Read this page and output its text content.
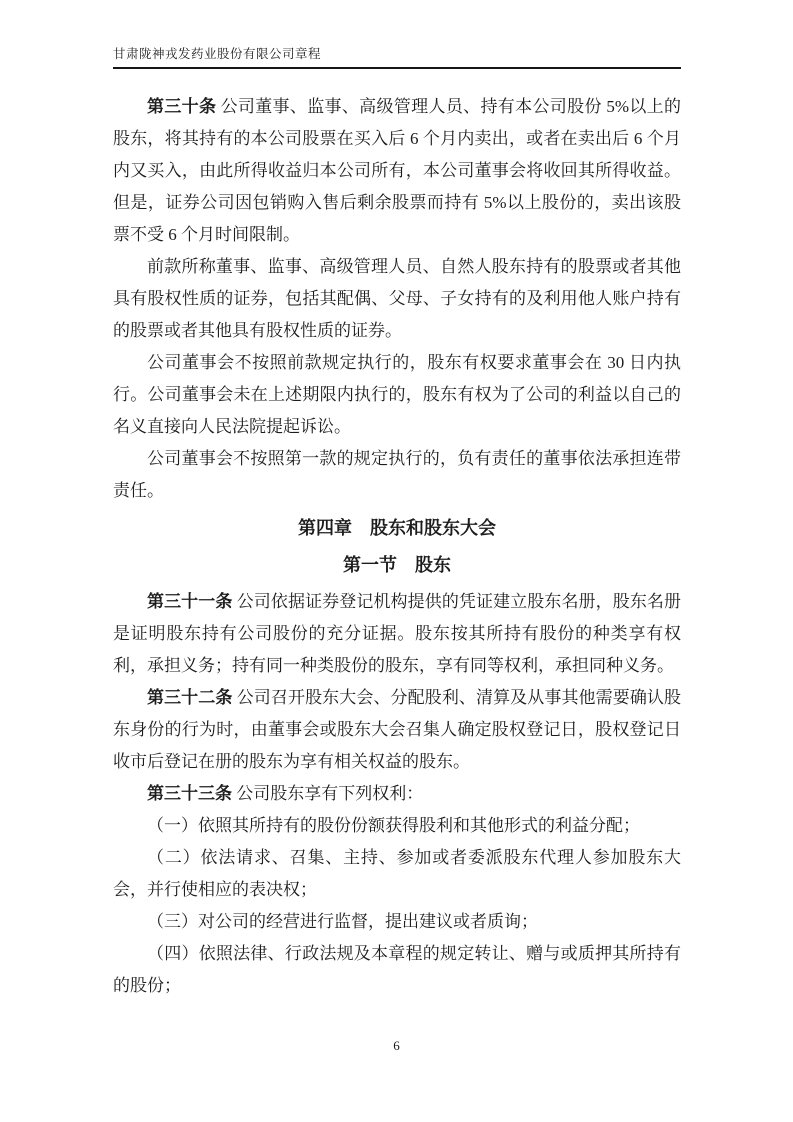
甘肃陇神戎发药业股份有限公司章程

第三十条 公司董事、监事、高级管理人员、持有本公司股份 5%以上的股东，将其持有的本公司股票在买入后 6 个月内卖出，或者在卖出后 6 个月内又买入，由此所得收益归本公司所有，本公司董事会将收回其所得收益。但是，证券公司因包销购入售后剩余股票而持有 5%以上股份的，卖出该股票不受 6 个月时间限制。

前款所称董事、监事、高级管理人员、自然人股东持有的股票或者其他具有股权性质的证券，包括其配偶、父母、子女持有的及利用他人账户持有的股票或者其他具有股权性质的证券。

公司董事会不按照前款规定执行的，股东有权要求董事会在 30 日内执行。公司董事会未在上述期限内执行的，股东有权为了公司的利益以自己的名义直接向人民法院提起诉讼。

公司董事会不按照第一款的规定执行的，负有责任的董事依法承担连带责任。

第四章　股东和股东大会

第一节　股东

第三十一条 公司依据证券登记机构提供的凭证建立股东名册，股东名册是证明股东持有公司股份的充分证据。股东按其所持有股份的种类享有权利，承担义务；持有同一种类股份的股东，享有同等权利，承担同种义务。

第三十二条 公司召开股东大会、分配股利、清算及从事其他需要确认股东身份的行为时，由董事会或股东大会召集人确定股权登记日，股权登记日收市后登记在册的股东为享有相关权益的股东。

第三十三条 公司股东享有下列权利：

（一）依照其所持有的股份份额获得股利和其他形式的利益分配；

（二）依法请求、召集、主持、参加或者委派股东代理人参加股东大会，并行使相应的表决权；

（三）对公司的经营进行监督，提出建议或者质询；

（四）依照法律、行政法规及本章程的规定转让、赠与或质押其所持有的股份；

6
